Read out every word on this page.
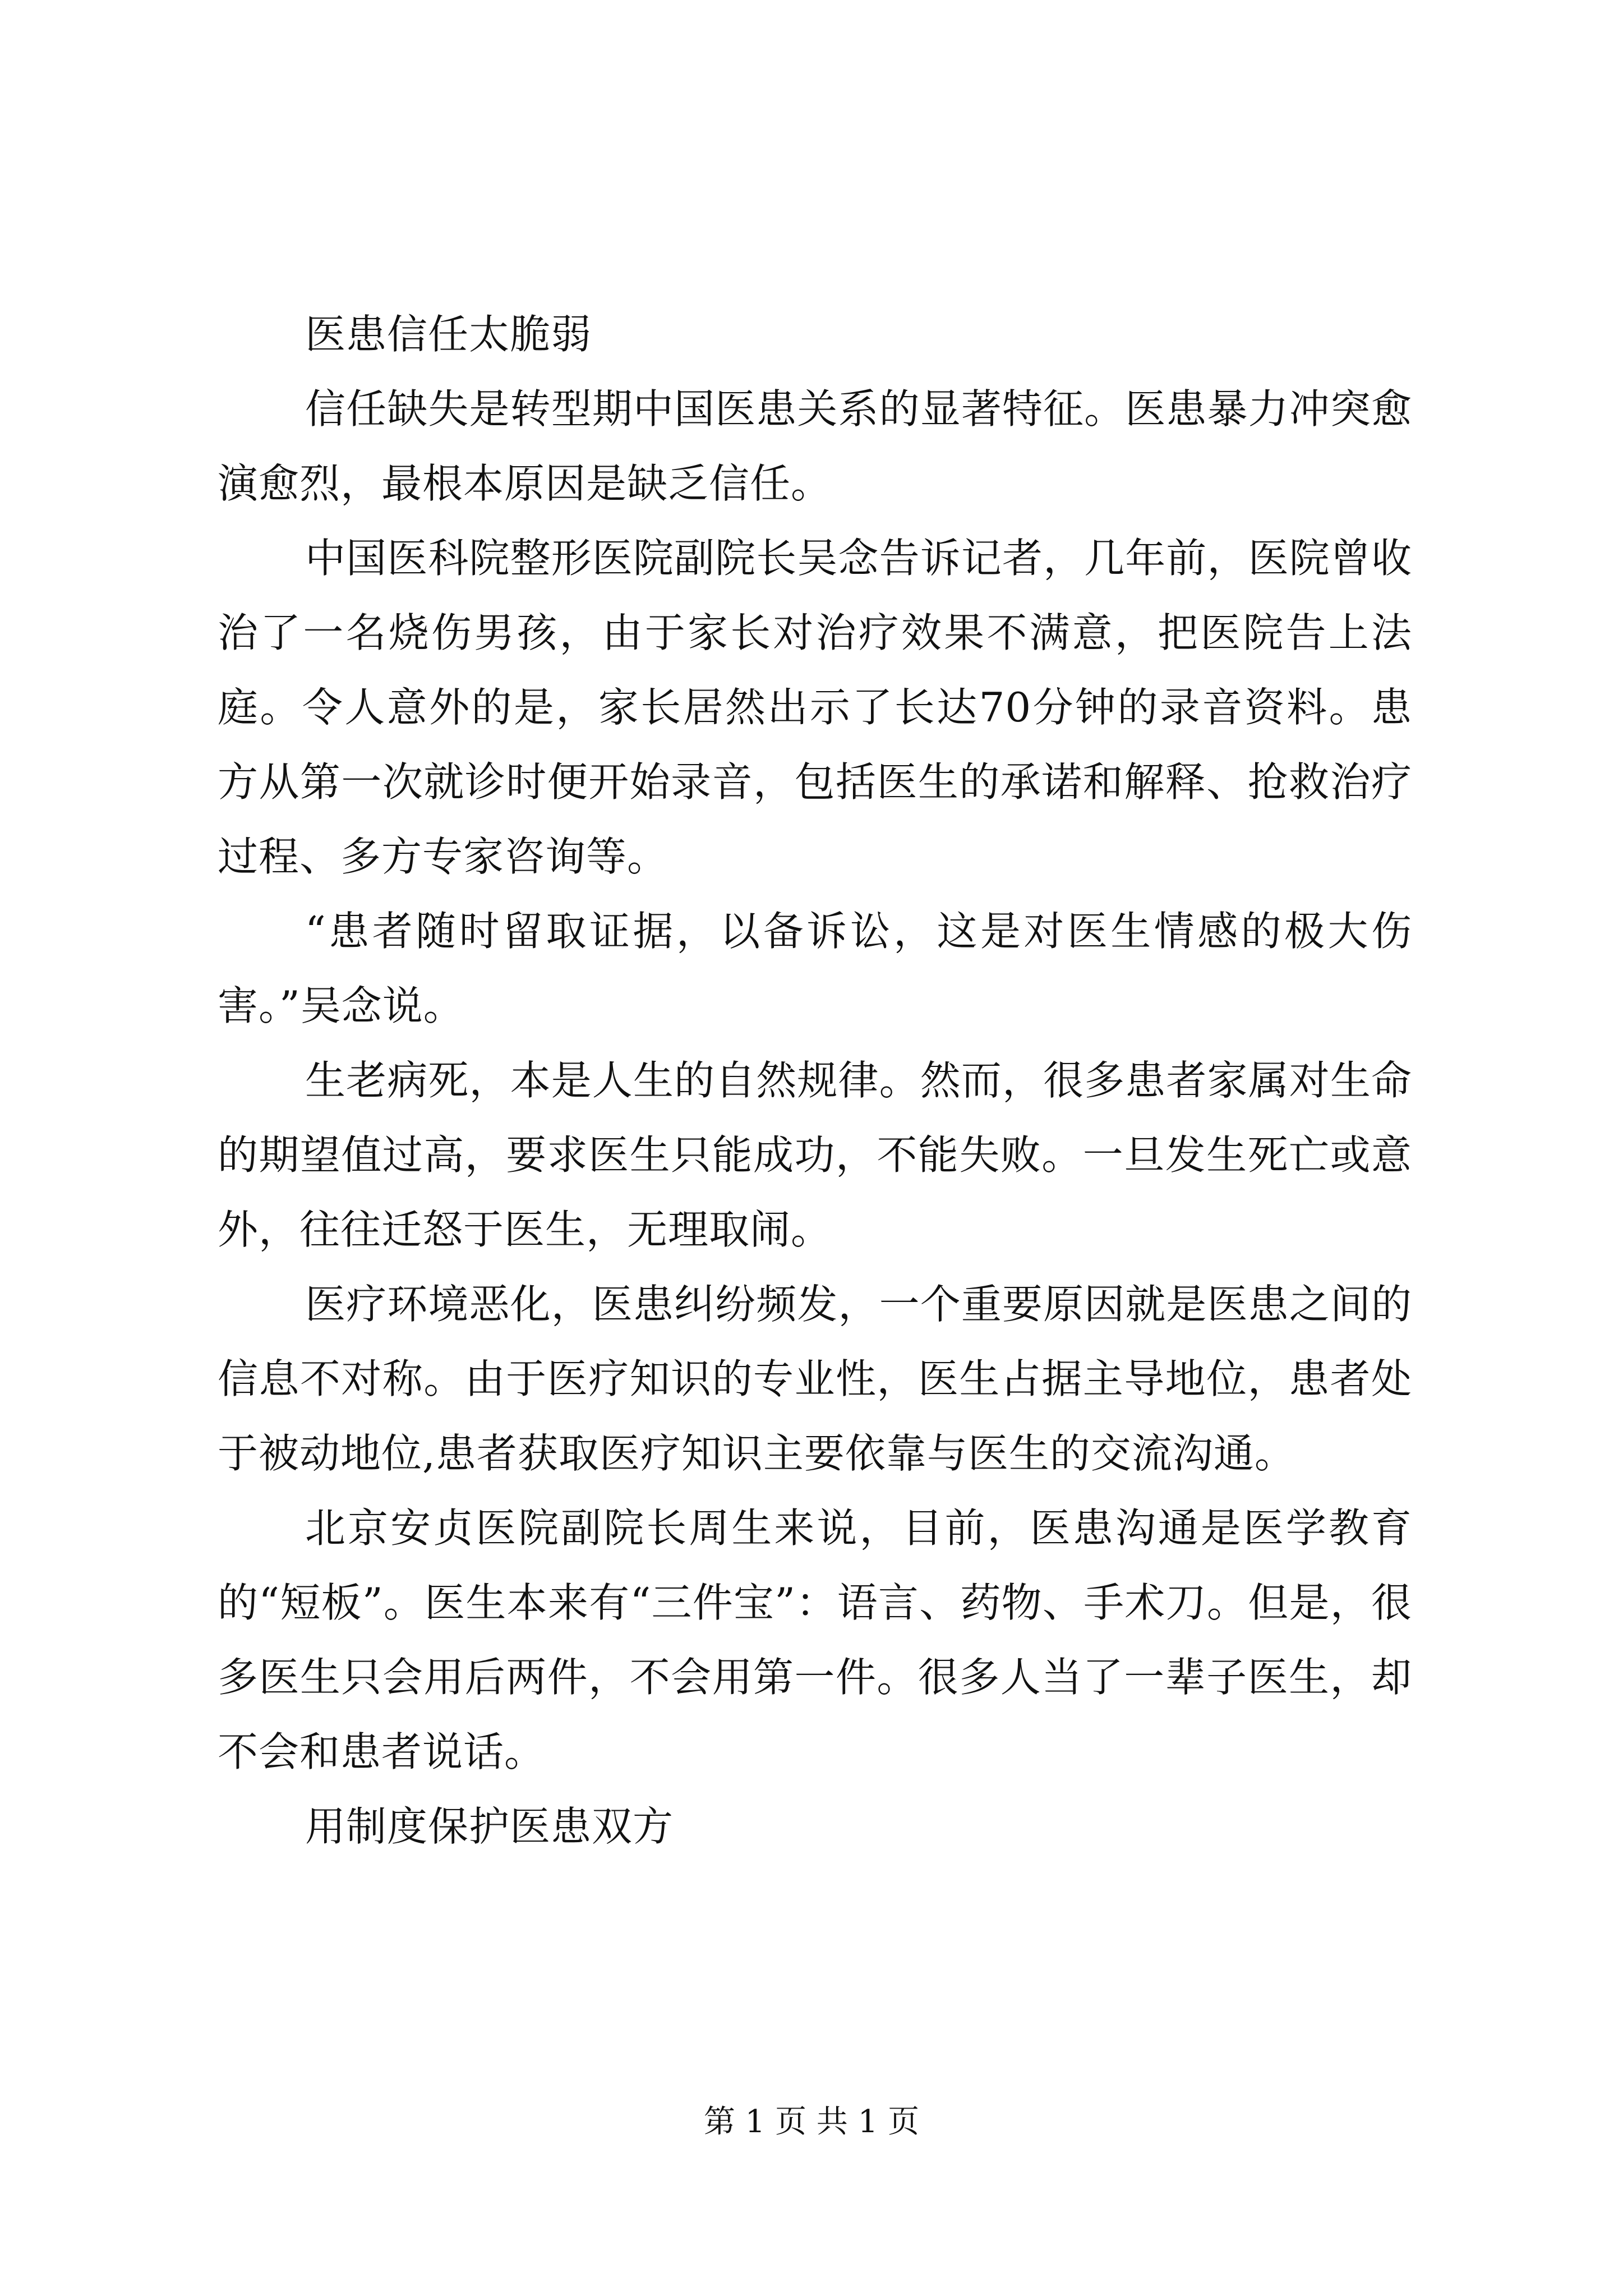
医患信任太脆弱

信任缺失是转型期中国医患关系的显著特征。医患暴力冲突愈演愈烈，最根本原因是缺乏信任。

中国医科院整形医院副院长吴念告诉记者，几年前，医院曾收治了一名烧伤男孩，由于家长对治疗效果不满意，把医院告上法庭。令人意外的是，家长居然出示了长达70分钟的录音资料。患方从第一次就诊时便开始录音，包括医生的承诺和解释、抢救治疗过程、多方专家咨询等。

“患者随时留取证据，以备诉讼，这是对医生情感的极大伤害。”吴念说。

生老病死，本是人生的自然规律。然而，很多患者家属对生命的期望值过高，要求医生只能成功，不能失败。一旦发生死亡或意外，往往迁怒于医生，无理取闹。

医疗环境恶化，医患纠纷频发，一个重要原因就是医患之间的信息不对称。由于医疗知识的专业性，医生占据主导地位，患者处于被动地位,患者获取医疗知识主要依靠与医生的交流沟通。

北京安贞医院副院长周生来说，目前，医患沟通是医学教育的“短板”。医生本来有“三件宝”：语言、药物、手术刀。但是，很多医生只会用后两件，不会用第一件。很多人当了一辈子医生，却不会和患者说话。

用制度保护医患双方

第 1 页 共 1 页
